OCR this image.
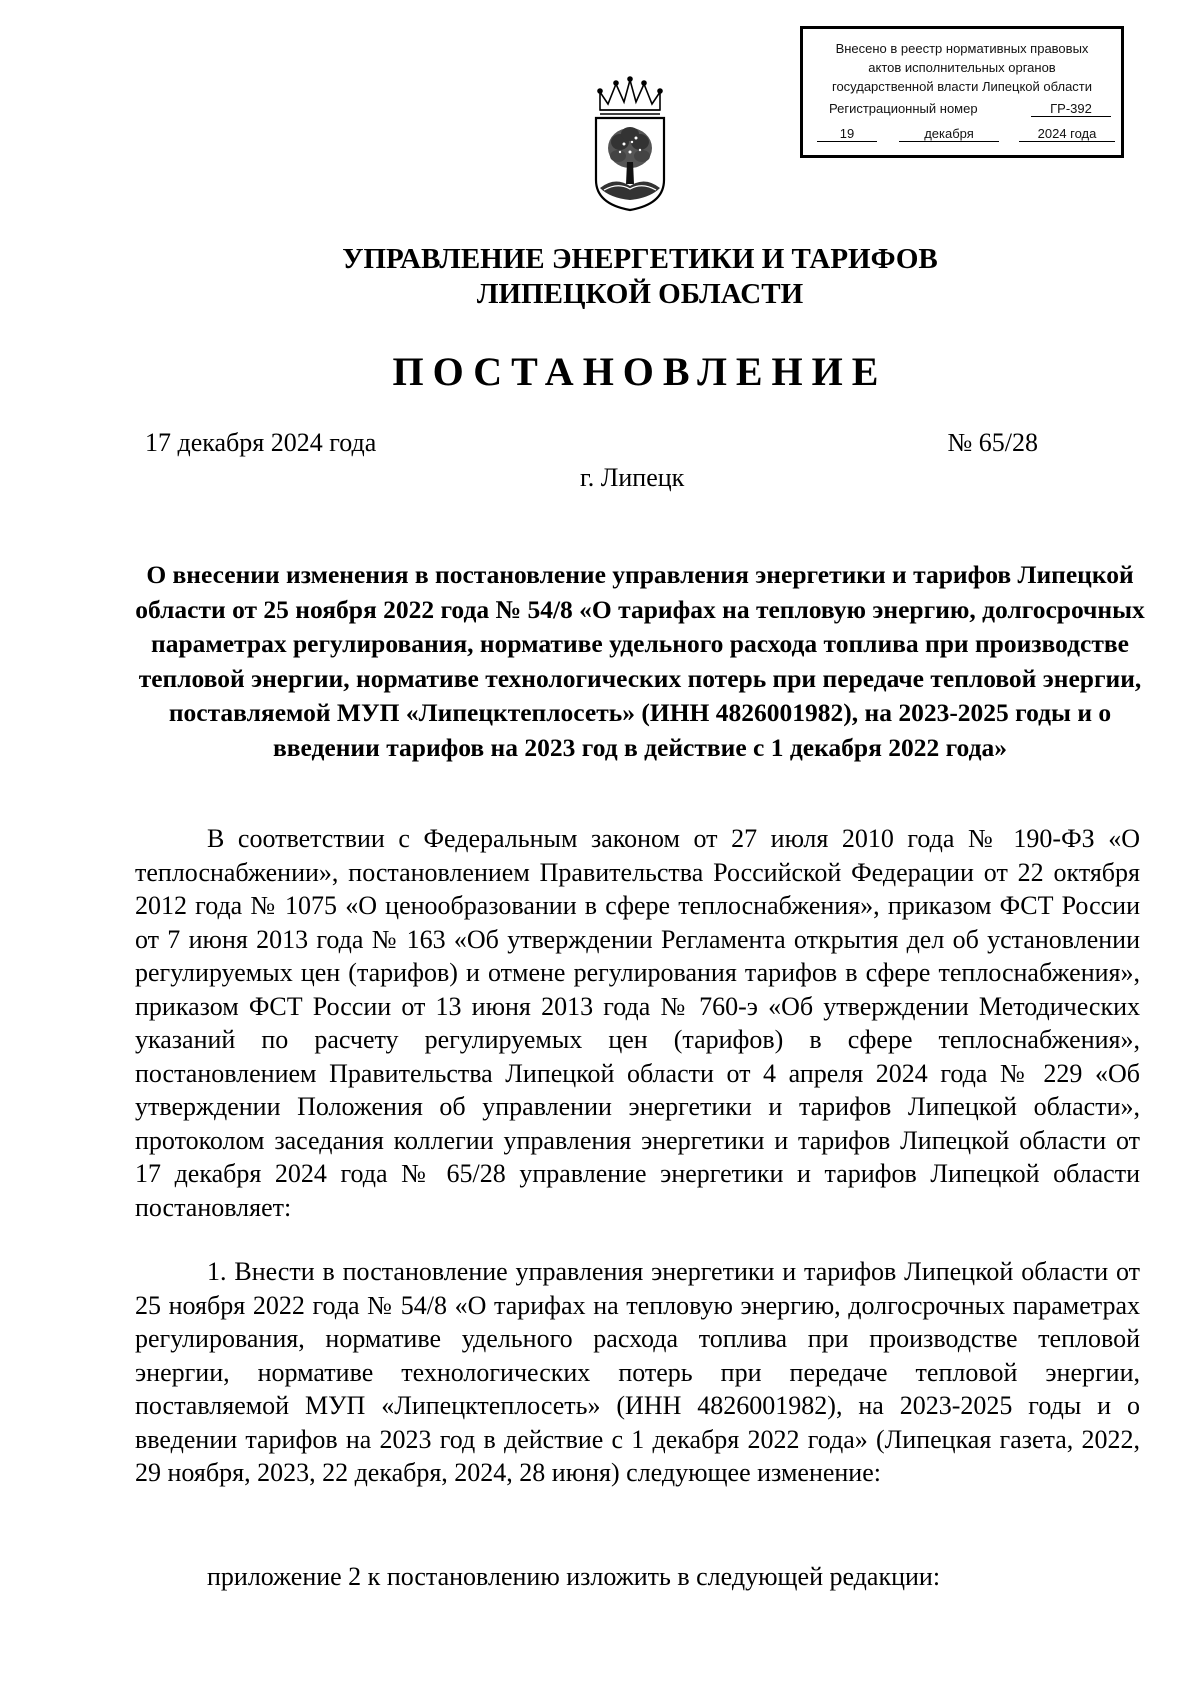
Внесено в реестр нормативных правовых
актов исполнительных органов
государственной власти Липецкой области
Регистрационный номер	ГР-392
19	декабря	2024 года
УПРАВЛЕНИЕ ЭНЕРГЕТИКИ И ТАРИФОВ
ЛИПЕЦКОЙ ОБЛАСТИ
ПОСТАНОВЛЕНИЕ
17 декабря 2024 года	№ 65/28
г. Липецк
О внесении изменения в постановление управления энергетики и тарифов Липецкой области от 25 ноября 2022 года № 54/8 «О тарифах на тепловую энергию, долгосрочных параметрах регулирования, нормативе удельного расхода топлива при производстве тепловой энергии, нормативе технологических потерь при передаче тепловой энергии, поставляемой МУП «Липецктеплосеть» (ИНН 4826001982), на 2023-2025 годы и о введении тарифов на 2023 год в действие с 1 декабря 2022 года»
В соответствии с Федеральным законом от 27 июля 2010 года № 190-ФЗ «О теплоснабжении», постановлением Правительства Российской Федерации от 22 октября 2012 года № 1075 «О ценообразовании в сфере теплоснабжения», приказом ФСТ России от 7 июня 2013 года № 163 «Об утверждении Регламента открытия дел об установлении регулируемых цен (тарифов) и отмене регулирования тарифов в сфере теплоснабжения», приказом ФСТ России от 13 июня 2013 года № 760-э «Об утверждении Методических указаний по расчету регулируемых цен (тарифов) в сфере теплоснабжения», постановлением Правительства Липецкой области от 4 апреля 2024 года № 229 «Об утверждении Положения об управлении энергетики и тарифов Липецкой области», протоколом заседания коллегии управления энергетики и тарифов Липецкой области от 17 декабря 2024 года № 65/28 управление энергетики и тарифов Липецкой области постановляет:
1. Внести в постановление управления энергетики и тарифов Липецкой области от 25 ноября 2022 года № 54/8 «О тарифах на тепловую энергию, долгосрочных параметрах регулирования, нормативе удельного расхода топлива при производстве тепловой энергии, нормативе технологических потерь при передаче тепловой энергии, поставляемой МУП «Липецктеплосеть» (ИНН 4826001982), на 2023-2025 годы и о введении тарифов на 2023 год в действие с 1 декабря 2022 года» (Липецкая газета, 2022, 29 ноября, 2023, 22 декабря, 2024, 28 июня) следующее изменение:
приложение 2 к постановлению изложить в следующей редакции:
